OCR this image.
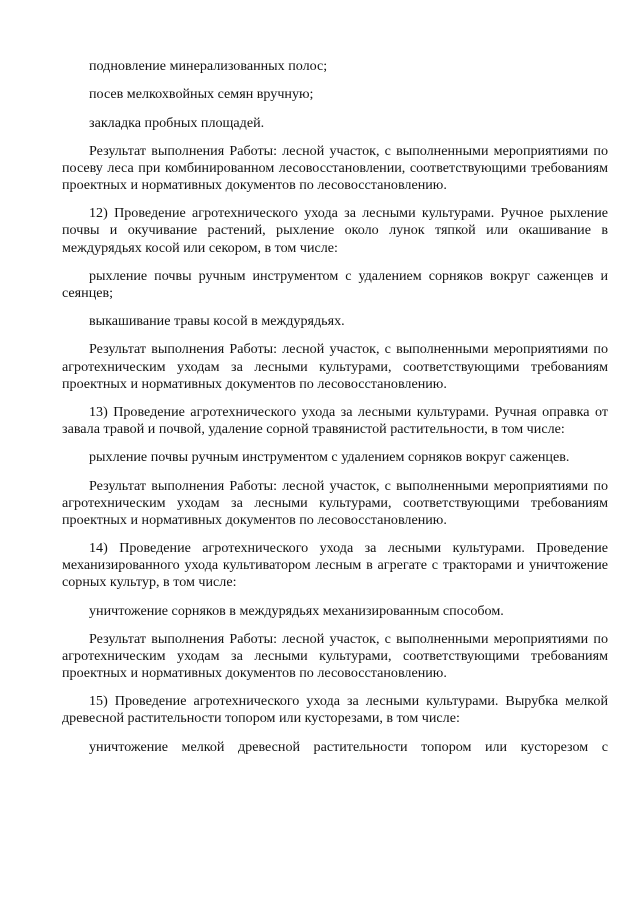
подновление минерализованных полос;

посев мелкохвойных семян вручную;

закладка пробных площадей.

Результат выполнения Работы: лесной участок, с выполненными мероприятиями по посеву леса при комбинированном лесовосстановлении, соответствующими требованиям проектных и нормативных документов по лесовосстановлению.

12) Проведение агротехнического ухода за лесными культурами. Ручное рыхление почвы и окучивание растений, рыхление около лунок тяпкой или окашивание в междурядьях косой или секором, в том числе:

рыхление почвы ручным инструментом с удалением сорняков вокруг саженцев и сеянцев;

выкашивание травы косой в междурядьях.

Результат выполнения Работы: лесной участок, с выполненными мероприятиями по агротехническим уходам за лесными культурами, соответствующими требованиям проектных и нормативных документов по лесовосстановлению.

13) Проведение агротехнического ухода за лесными культурами. Ручная оправка от завала травой и почвой, удаление сорной травянистой растительности, в том числе:

рыхление почвы ручным инструментом с удалением сорняков вокруг саженцев.

Результат выполнения Работы: лесной участок, с выполненными мероприятиями по агротехническим уходам за лесными культурами, соответствующими требованиям проектных и нормативных документов по лесовосстановлению.

14) Проведение агротехнического ухода за лесными культурами. Проведение механизированного ухода культиватором лесным в агрегате с тракторами и уничтожение сорных культур, в том числе:

уничтожение сорняков в междурядьях механизированным способом.

Результат выполнения Работы: лесной участок, с выполненными мероприятиями по агротехническим уходам за лесными культурами, соответствующими требованиям проектных и нормативных документов по лесовосстановлению.

15) Проведение агротехнического ухода за лесными культурами. Вырубка мелкой древесной растительности топором или кусторезами, в том числе:

уничтожение мелкой древесной растительности топором или кусторезом с
